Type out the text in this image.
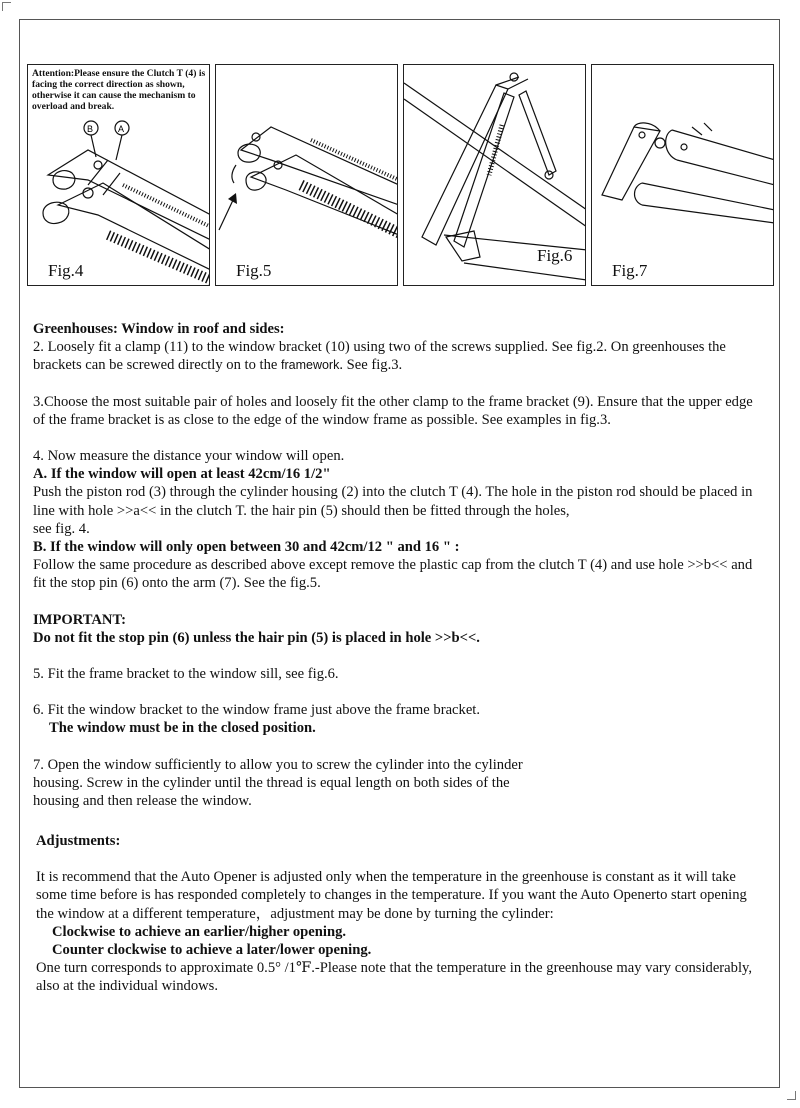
B	A
Attention:Please ensure the Clutch T (4) is facing the correct direction as shown, otherwise it can cause the mechanism to overload and break.
Fig.4	Fig.5
Fig.6
Fig.7

Greenhouses: Window in roof and sides:

2. Loosely fit a clamp (11) to the window bracket (10) using two of the screws supplied. See fig.2. On greenhouses the brackets can be screwed directly on to the framework. See fig.3.

3.Choose the most suitable pair of holes and loosely fit the other clamp to the frame bracket (9). Ensure that the upper edge of the frame bracket is as close to the edge of the window frame as possible. See examples in fig.3.

4. Now measure the distance your window will open.

A. If the window will open at least 42cm/16 1/2"

Push the piston rod (3) through the cylinder housing (2) into the clutch T (4). The hole in the piston rod should be placed in line with hole >>a<< in the clutch T. the hair pin (5) should then be fitted through the holes,

see fig. 4.

B. If the window will only open between 30 and 42cm/12 " and 16 " :

Follow the same procedure as described above except remove the plastic cap from the clutch T (4) and use hole >>b<< and fit the stop pin (6) onto the arm (7). See the fig.5.

IMPORTANT:

Do not fit the stop pin (6) unless the hair pin (5) is placed in hole >>b<<.

5. Fit the frame bracket to the window sill, see fig.6.

6. Fit the window bracket to the window frame just above the frame bracket.

The window must be in the closed position.

7. Open the window sufficiently to allow you to screw the cylinder into the cylinder

housing. Screw in the cylinder until the thread is equal length on both sides of the

housing and then release the window.

Adjustments:

It is recommend that the Auto Opener is adjusted only when the temperature in the greenhouse is constant as it will take some time before is has responded completely to changes in the temperature. If you want the Auto Openerto start opening the window at a different temperature，adjustment may be done by turning the cylinder:

Clockwise to achieve an earlier/higher opening.

Counter clockwise to achieve a later/lower opening.

One turn corresponds to approximate 0.5° /1℉.-Please note that the temperature in the greenhouse may vary considerably, also at the individual windows.
